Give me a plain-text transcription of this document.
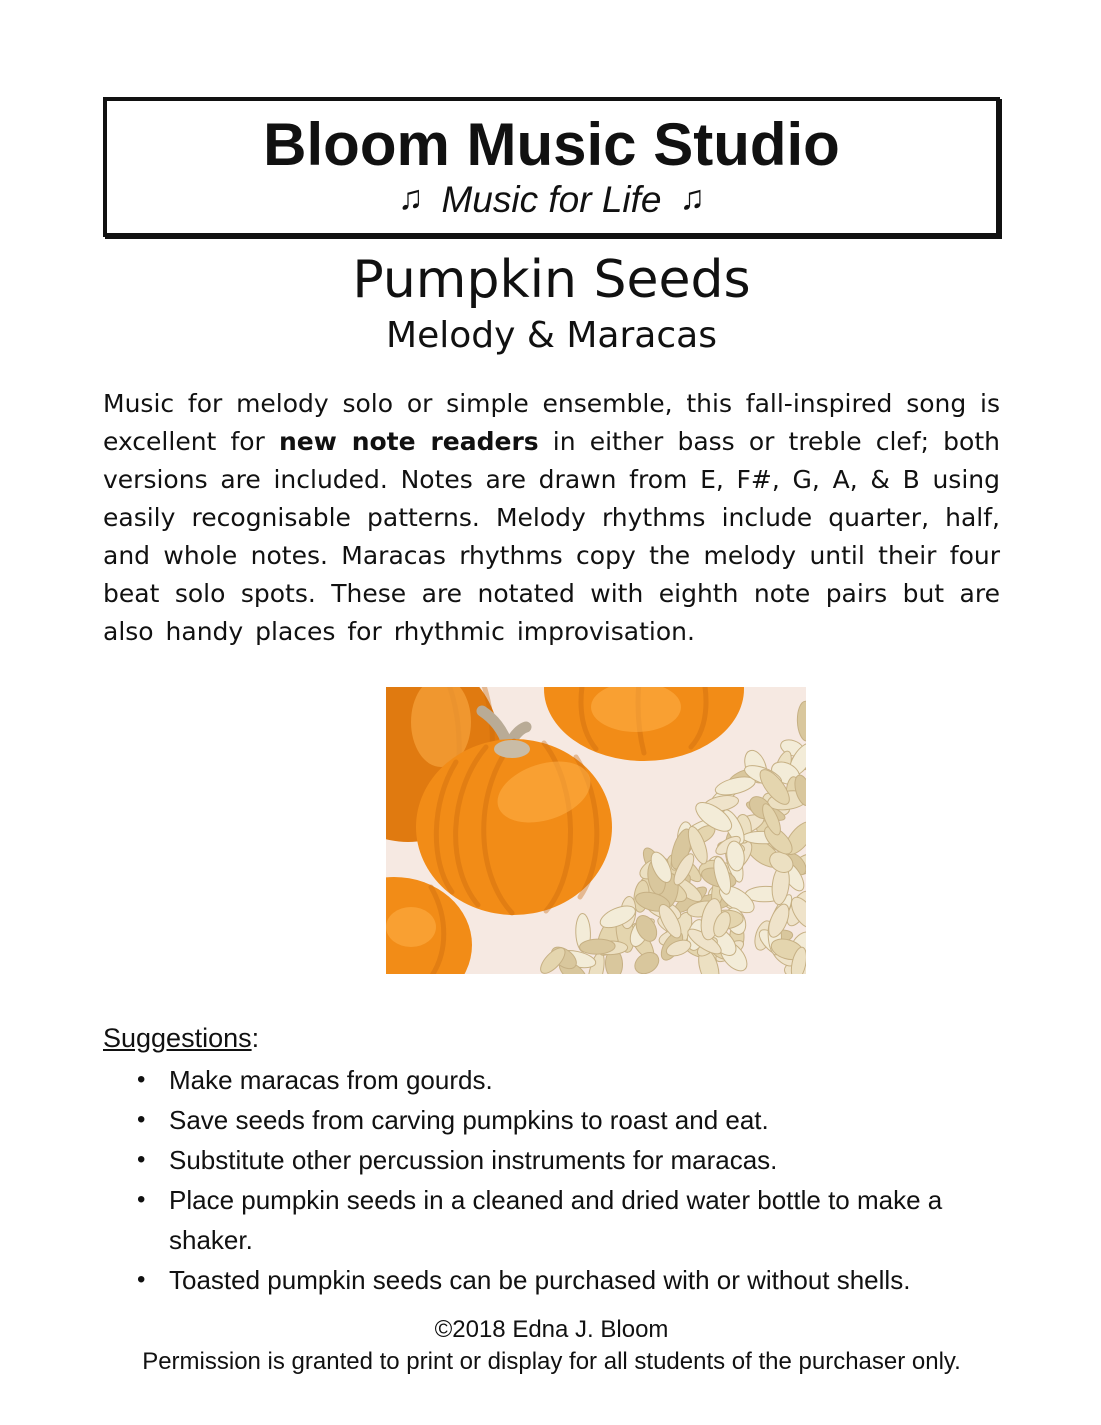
Bloom Music Studio
♫ Music for Life ♫
Pumpkin Seeds
Melody & Maracas

Music for melody solo or simple ensemble, this fall-inspired song is excellent for new note readers in either bass or treble clef; both versions are included. Notes are drawn from E, F#, G, A, & B using easily recognisable patterns. Melody rhythms include quarter, half, and whole notes. Maracas rhythms copy the melody until their four beat solo spots. These are notated with eighth note pairs but are also handy places for rhythmic improvisation.

Suggestions:
• Make maracas from gourds.
• Save seeds from carving pumpkins to roast and eat.
• Substitute other percussion instruments for maracas.
• Place pumpkin seeds in a cleaned and dried water bottle to make a shaker.
• Toasted pumpkin seeds can be purchased with or without shells.
©2018 Edna J. Bloom
Permission is granted to print or display for all students of the purchaser only.
